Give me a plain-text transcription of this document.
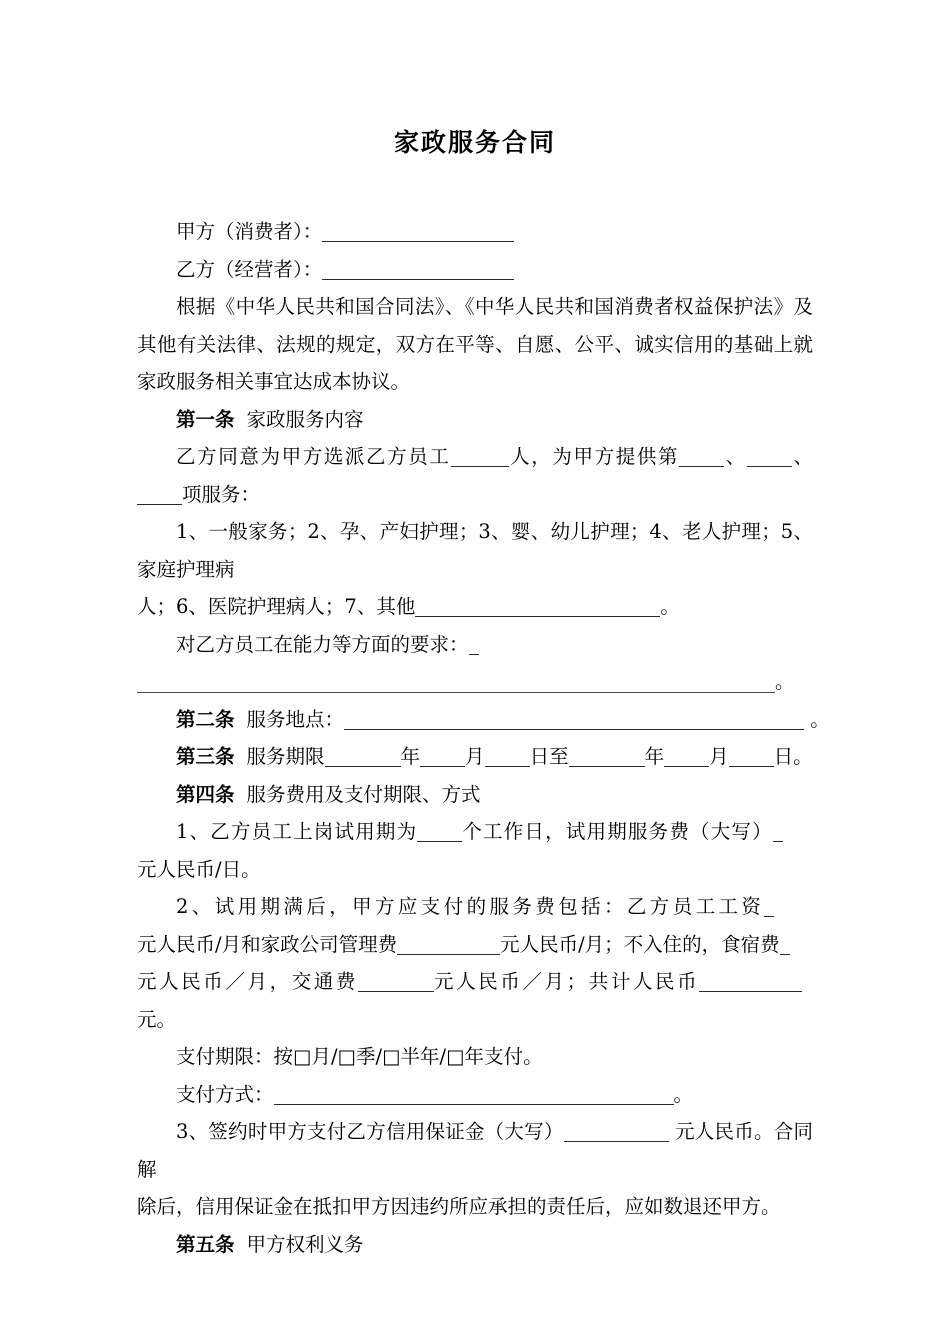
家政服务合同

甲方（消费者）：

乙方（经营者）：

根据《中华人民共和国合同法》、《中华人民共和国消费者权益保护法》及其他有关法律、法规的规定，双方在平等、自愿、公平、诚实信用的基础上就家政服务相关事宜达成本协议。

第一条 家政服务内容

乙方同意为甲方选派乙方员工	人，为甲方提供第 、 、项服务：

1、一般家务；2、孕、产妇护理；3、婴、幼儿护理；4、老人护理；5、家庭护理病

人；6、医院护理病人；7、其他	。

对乙方员工在能力等方面的要求：

。

第二条 服务地点：	。

第三条 服务期限	年 月 日至	年 月 日。

第四条 服务费用及支付期限、方式

1、乙方员工上岗试用期为 个工作日，试用期服务费（大写）

元人民币/日。

2、试用期满后，甲方应支付的服务费包括：乙方员工工资

元人民币/月和家政公司管理费	元人民币/月；不入住的，食宿费

元人民币／月，交通费	元人民币／月；共计人民币

元。

支付期限：按□月/□季/□半年/□年支付。

支付方式：	。

3、签约时甲方支付乙方信用保证金（大写）	元人民币。合同解

除后，信用保证金在抵扣甲方因违约所应承担的责任后，应如数退还甲方。

第五条 甲方权利义务
